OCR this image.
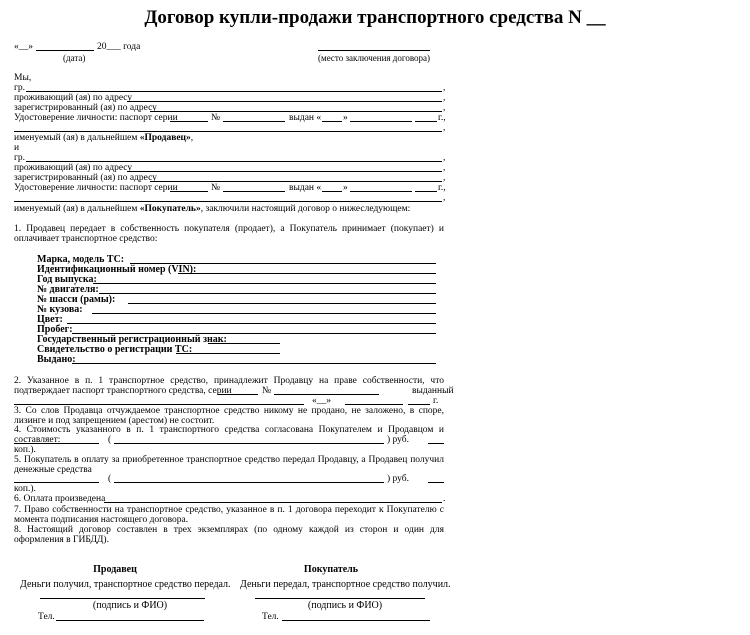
Договор купли-продажи транспортного средства N __
«__»	20___ года
(дата)	(место заключения договора)
Мы,
гр.	,
проживающий (ая) по адресу	,
зарегистрированный (ая) по адресу	,
Удостоверение личности: паспорт серии	№	выдан « »	г.,
,
именуемый (ая) в дальнейшем «Продавец»,
и
гр.	,
проживающий (ая) по адресу	,
зарегистрированный (ая) по адресу	,
Удостоверение личности: паспорт серии	№	выдан « »	г.,
,
именуемый (ая) в дальнейшем «Покупатель», заключили настоящий договор о нижеследующем:
1. Продавец передает в собственность покупателя (продает), а Покупатель принимает (покупает) и оплачивает транспортное средство:
Марка, модель ТС:
Идентификационный номер (VIN):
Год выпуска:
№ двигателя:
№ шасси (рамы):
№ кузова:
Цвет:
Пробег:
Государственный регистрационный знак:
Свидетельство о регистрации ТС:
Выдано:
2. Указанное в п. 1 транспортное средство, принадлежит Продавцу на праве собственности, что подтверждает паспорт транспортного средства, серии	№	выданный
«__»	г.
3. Со слов Продавца отчуждаемое транспортное средство никому не продано, не заложено, в споре, лизинге и под запрещением (арестом) не состоит.
4. Стоимость указанного в п. 1 транспортного средства согласована Покупателем и Продавцом и составляет:	(	) руб.
коп.).
5. Покупатель в оплату за приобретенное транспортное средство передал Продавцу, а Продавец получил денежные средства
(	) руб.
коп.).
6. Оплата произведена	.
7. Право собственности на транспортное средство, указанное в п. 1 договора переходит к Покупателю с момента подписания настоящего договора.
8. Настоящий договор составлен в трех экземплярах (по одному каждой из сторон и один для оформления в ГИБДД).
Продавец	Покупатель
Деньги получил, транспортное средство передал. Деньги передал, транспортное средство получил.
(подпись и ФИО)	(подпись и ФИО)
Тел.	Тел.
